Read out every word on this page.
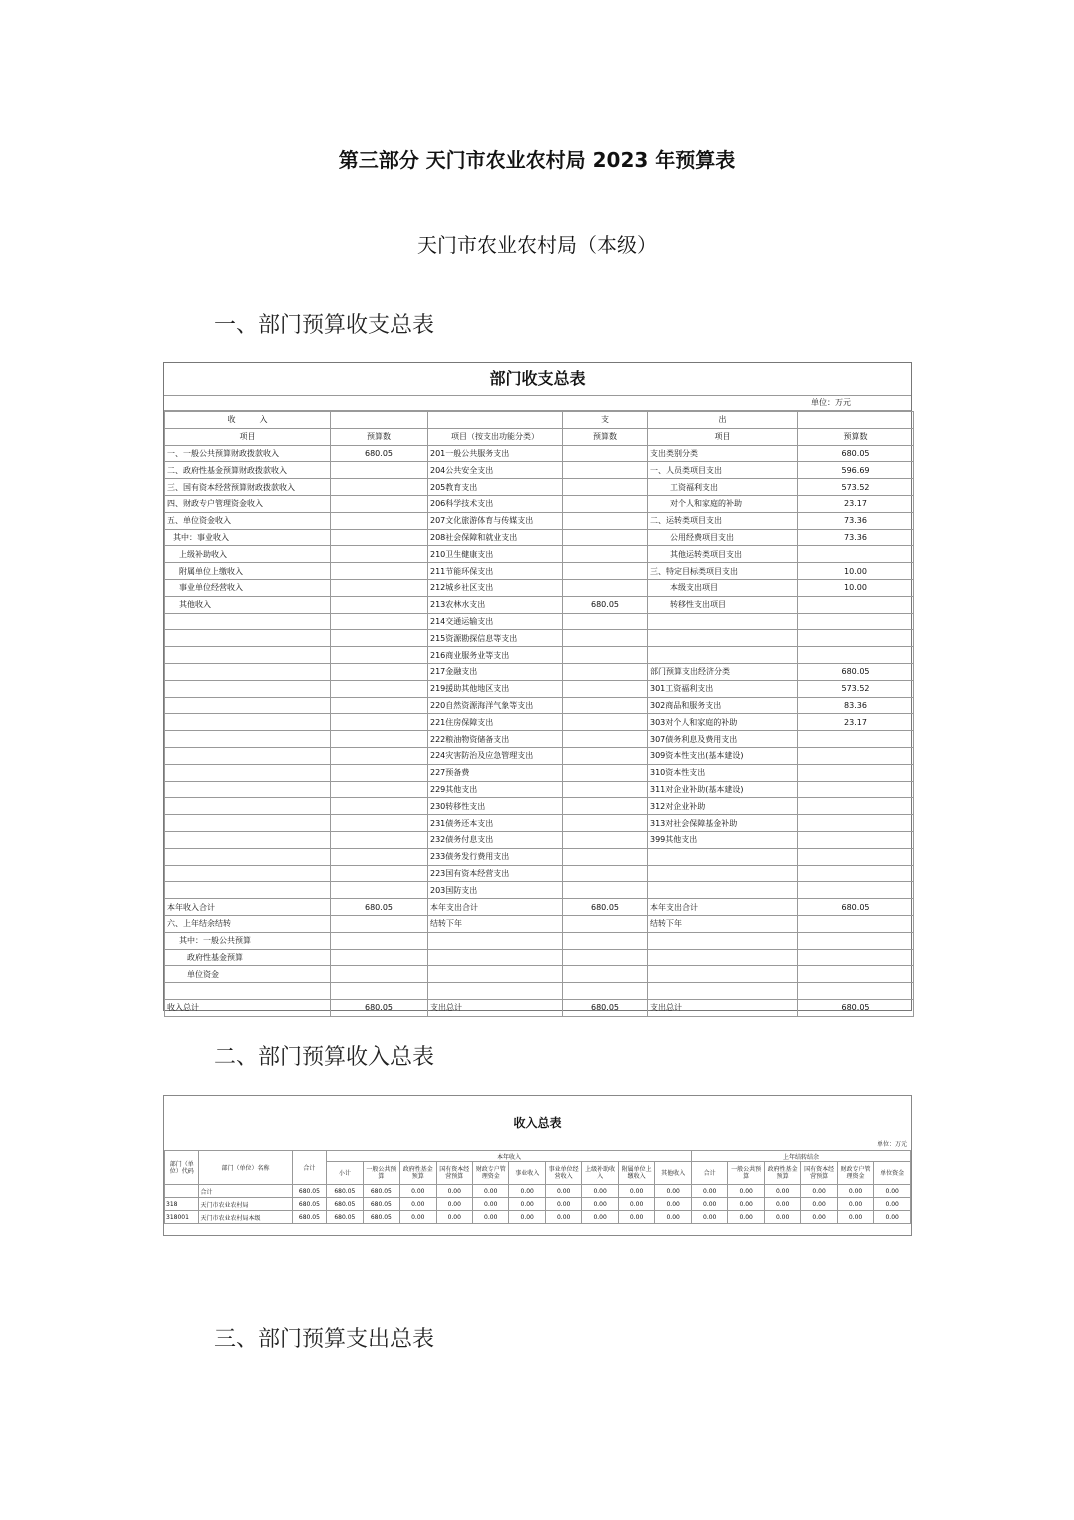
第三部分 天门市农业农村局 2023 年预算表
天门市农业农村局（本级）
一、部门预算收支总表
部门收支总表
单位：万元
收　　　入			支	出	
项目	预算数	项目（按支出功能分类）	预算数	项目	预算数
一、一般公共预算财政拨款收入	680.05	201一般公共服务支出		支出类别分类	680.05
二、政府性基金预算财政拨款收入		204公共安全支出		一、人员类项目支出	596.69
三、国有资本经营预算财政拨款收入		205教育支出		工资福利支出	573.52
四、财政专户管理资金收入		206科学技术支出		对个人和家庭的补助	23.17
五、单位资金收入		207文化旅游体育与传媒支出		二、运转类项目支出	73.36
其中：事业收入		208社会保障和就业支出		公用经费项目支出	73.36
上级补助收入		210卫生健康支出		其他运转类项目支出	
附属单位上缴收入		211节能环保支出		三、特定目标类项目支出	10.00
事业单位经营收入		212城乡社区支出		本级支出项目	10.00
其他收入		213农林水支出	680.05	转移性支出项目	
		214交通运输支出			
		215资源勘探信息等支出			
		216商业服务业等支出			
		217金融支出		部门预算支出经济分类	680.05
		219援助其他地区支出		301工资福利支出	573.52
		220自然资源海洋气象等支出		302商品和服务支出	83.36
		221住房保障支出		303对个人和家庭的补助	23.17
		222粮油物资储备支出		307债务利息及费用支出	
		224灾害防治及应急管理支出		309资本性支出(基本建设)	
		227预备费		310资本性支出	
		229其他支出		311对企业补助(基本建设)	
		230转移性支出		312对企业补助	
		231债务还本支出		313对社会保障基金补助	
		232债务付息支出		399其他支出	
		233债务发行费用支出			
		223国有资本经营支出			
		203国防支出			
本年收入合计	680.05	本年支出合计	680.05	本年支出合计	680.05
六、上年结余结转		结转下年		结转下年	
其中：一般公共预算					
政府性基金预算					
单位资金					

收入总计	680.05	支出总计	680.05	支出总计	680.05
二、部门预算收入总表
收入总表
单位：万元
部门（单位）代码	部门（单位）名称	合计	本年收入										上年结转结余					
			小计	一般公共预算	政府性基金预算	国有资本经营预算	财政专户管理资金	事业收入	事业单位经营收入	上级补助收入	附属单位上缴收入	其他收入	合计	一般公共预算	政府性基金预算	国有资本经营预算	财政专户管理资金	单位资金
	合计	680.05	680.05	680.05	0.00	0.00	0.00	0.00	0.00	0.00	0.00	0.00	0.00	0.00	0.00	0.00	0.00	0.00
318	天门市农业农村局	680.05	680.05	680.05	0.00	0.00	0.00	0.00	0.00	0.00	0.00	0.00	0.00	0.00	0.00	0.00	0.00	0.00
318001	天门市农业农村局本级	680.05	680.05	680.05	0.00	0.00	0.00	0.00	0.00	0.00	0.00	0.00	0.00	0.00	0.00	0.00	0.00	0.00
三、部门预算支出总表
